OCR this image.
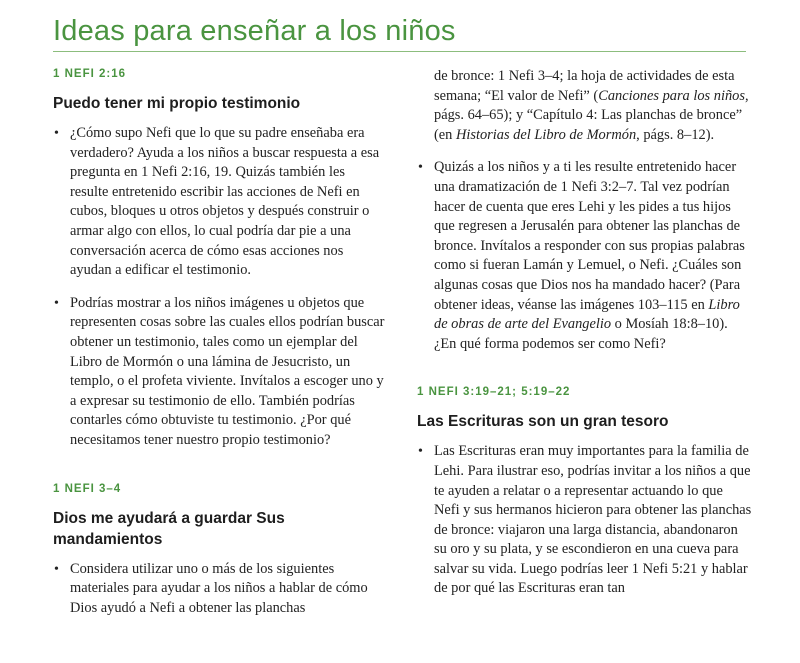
Ideas para enseñar a los niños

1 NEFI 2:16

Puedo tener mi propio testimonio
• ¿Cómo supo Nefi que lo que su padre enseñaba era verdadero? Ayuda a los niños a buscar respuesta a esa pregunta en 1 Nefi 2:16, 19. Quizás también les resulte entretenido escribir las acciones de Nefi en cubos, bloques u otros objetos y después construir o armar algo con ellos, lo cual podría dar pie a una conversación acerca de cómo esas acciones nos ayudan a edificar el testimonio.
• Podrías mostrar a los niños imágenes u objetos que representen cosas sobre las cuales ellos podrían buscar obtener un testimonio, tales como un ejemplar del Libro de Mormón o una lámina de Jesucristo, un templo, o el profeta viviente. Invítalos a escoger uno y a expresar su testimonio de ello. También podrías contarles cómo obtuviste tu testimonio. ¿Por qué necesitamos tener nuestro propio testimonio?

1 NEFI 3–4

Dios me ayudará a guardar Sus mandamientos
• Considera utilizar uno o más de los siguientes materiales para ayudar a los niños a hablar de cómo Dios ayudó a Nefi a obtener las planchas
de bronce: 1 Nefi 3–4; la hoja de actividades de esta semana; “El valor de Nefi” (Canciones para los niños, págs. 64–65); y “Capítulo 4: Las planchas de bronce” (en Historias del Libro de Mormón, págs. 8–12).
• Quizás a los niños y a ti les resulte entretenido hacer una dramatización de 1 Nefi 3:2–7. Tal vez podrían hacer de cuenta que eres Lehi y les pides a tus hijos que regresen a Jerusalén para obtener las planchas de bronce. Invítalos a responder con sus propias palabras como si fueran Lamán y Lemuel, o Nefi. ¿Cuáles son algunas cosas que Dios nos ha mandado hacer? (Para obtener ideas, véanse las imágenes 103–115 en Libro de obras de arte del Evangelio o Mosíah 18:8–10). ¿En qué forma podemos ser como Nefi?

1 NEFI 3:19–21; 5:19–22

Las Escrituras son un gran tesoro
• Las Escrituras eran muy importantes para la familia de Lehi. Para ilustrar eso, podrías invitar a los niños a que te ayuden a relatar o a representar actuando lo que Nefi y sus hermanos hicieron para obtener las planchas de bronce: viajaron una larga distancia, abandonaron su oro y su plata, y se escondieron en una cueva para salvar su vida. Luego podrías leer 1 Nefi 5:21 y hablar de por qué las Escrituras eran tan
